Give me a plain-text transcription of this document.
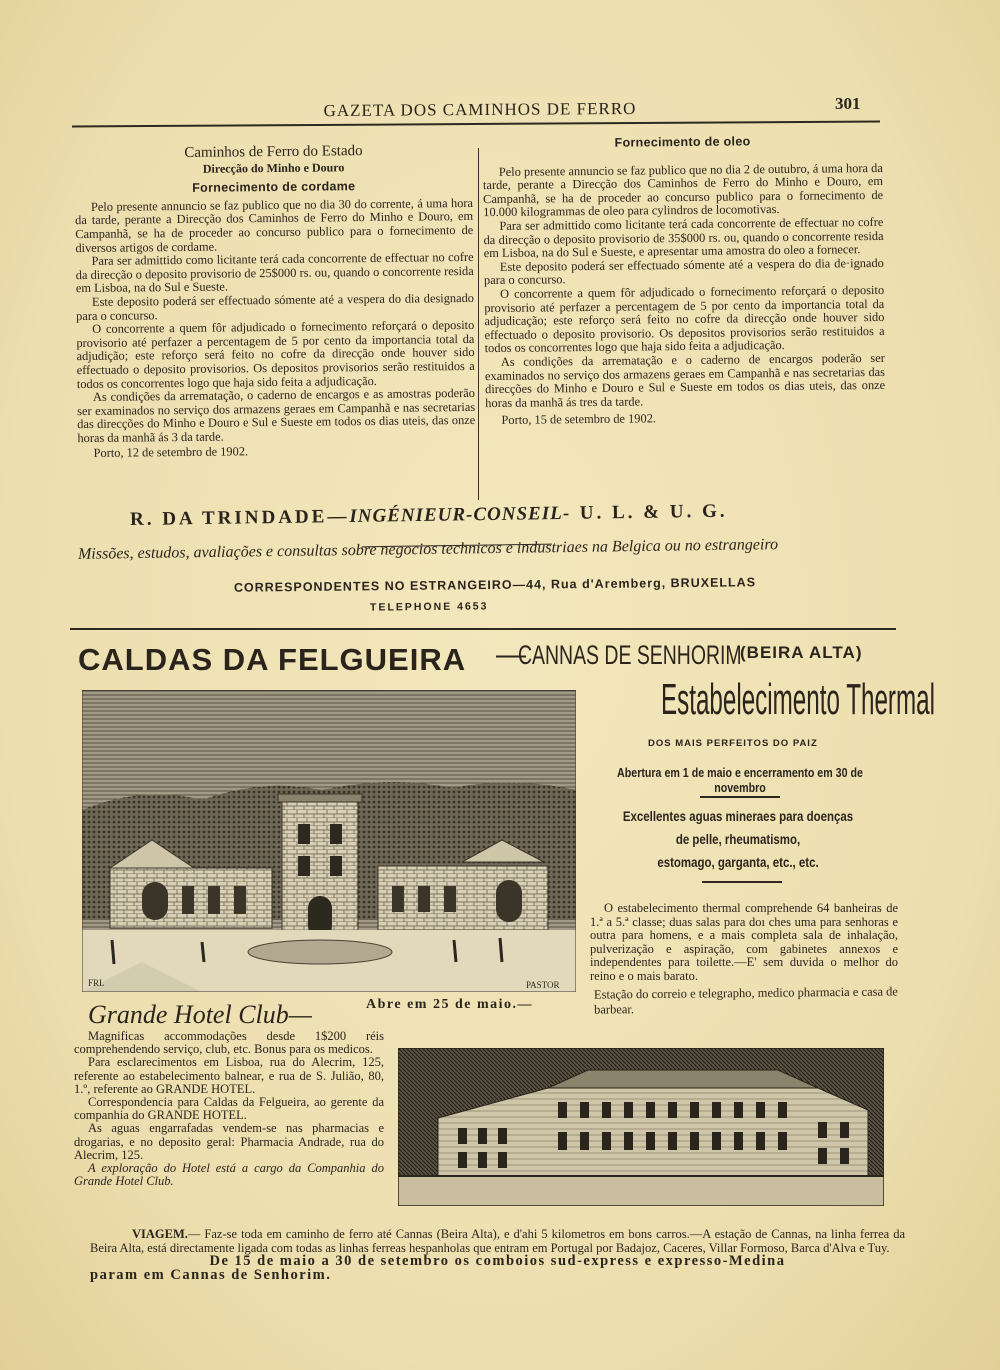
GAZETA DOS CAMINHOS DE FERRO	301
Caminhos de Ferro do Estado
Direcção do Minho e Douro
Fornecimento de cordame

Pelo presente annuncio se faz publico que no dia 30 do corrente, á uma hora da tarde, perante a Direcção dos Caminhos de Ferro do Minho e Douro, em Campanhã, se ha de proceder ao concurso publico para o fornecimento de diversos artigos de cordame.

Para ser admittido como licitante terá cada concorrente de effectuar no cofre da direcção o deposito provisorio de 25$000 rs. ou, quando o concorrente resida em Lisboa, na do Sul e Sueste.

Este deposito poderá ser effectuado sómente até a vespera do dia designado para o concurso.

O concorrente a quem fôr adjudicado o fornecimento reforçará o deposito provisorio até perfazer a percentagem de 5 por cento da importancia total da adjudição; este reforço será feito no cofre da direcção onde houver sido effectuado o deposito provisorios. Os depositos provisorios serão restituidos a todos os concorrentes logo que haja sido feita a adjudicação.

As condições da arrematação, o caderno de encargos e as amostras poderão ser examinados no serviço dos armazens geraes em Campanhã e nas secretarias das direcções do Minho e Douro e Sul e Sueste em todos os dias uteis, das onze horas da manhã ás 3 da tarde.

Porto, 12 de setembro de 1902.

Fornecimento de oleo

Pelo presente annuncio se faz publico que no dia 2 de outubro, á uma hora da tarde, perante a Direcção dos Caminhos de Ferro do Minho e Douro, em Campanhã, se ha de proceder ao concurso publico para o fornecimento de 10.000 kilogrammas de oleo para cylindros de locomotivas.

Para ser admittido como licitante terá cada concorrente de effectuar no cofre da direcção o deposito provisorio de 35$000 rs. ou, quando o concorrente resida em Lisboa, na do Sul e Sueste, e apresentar uma amostra do oleo a fornecer.

Este deposito poderá ser effectuado sómente até a vespera do dia de·ignado para o concurso.

O concorrente a quem fôr adjudicado o fornecimento reforçará o deposito provisorio até perfazer a percentagem de 5 por cento da importancia total da adjudicação; este reforço será feito no cofre da direcção onde houver sido effectuado o deposito provisorio. Os depositos provisorios serão restituidos a todos os concorrentes logo que haja sido feita a adjudicação.

As condições da arrematação e o caderno de encargos poderão ser examinados no serviço dos armazens geraes em Campanhã e nas secretarias das direcções do Minho e Douro e Sul e Sueste em todos os dias uteis, das onze horas da manhã ás tres da tarde.

Porto, 15 de setembro de 1902.

R. DA TRINDADE—INGÉNIEUR-CONSEIL- U. L. & U. G.
Missões, estudos, avaliações e consultas sobre negocios technicos e industriaes na Belgica ou no estrangeiro
CORRESPONDENTES NO ESTRANGEIRO—44, Rua d'Aremberg, BRUXELLAS
TELEPHONE 4653
CALDAS DA FELGUEIRA —
CANNAS DE SENHORIM
(BEIRA ALTA)
Estabelecimento Thermal
DOS MAIS PERFEITOS DO PAIZ
Abertura em 1 de maio e encerramento em 30 de novembro
Excellentes aguas mineraes para doenças
de pelle, rheumatismo,
estomago, garganta, etc., etc.

O estabelecimento thermal comprehende 64 banheiras de 1.ª a 5.ª classe; duas salas para doı ches uma para senhoras e outra para homens, e a mais completa sala de inhalação, pulverização e aspiração, com gabinetes annexos e independentes para toilette.—E' sem duvida o melhor do reino e o mais barato.

FRL	PASTOR
Grande Hotel Club—	Abre em 25 de maio.—
Estação do correio e telegrapho, medico pharmacia e casa de barbear.

Magnificas accommodações desde 1$200 réis comprehendendo serviço, club, etc. Bonus para os medicos.

Para esclarecimentos em Lisboa, rua do Alecrim, 125, referente ao estabelecimento balnear, e rua de S. Julião, 80, 1.º, referente ao GRANDE HOTEL.

Correspondencia para Caldas da Felgueira, ao gerente da companhia do GRANDE HOTEL.

As aguas engarrafadas vendem-se nas pharmacias e drogarias, e no deposito geral: Pharmacia Andrade, rua do Alecrim, 125.

A exploração do Hotel está a cargo da Companhia do Grande Hotel Club.

VIAGEM.— Faz-se toda em caminho de ferro até Cannas (Beira Alta), e d'ahi 5 kilometros em bons carros.—A estação de Cannas, na linha ferrea da Beira Alta, está directamente ligada com todas as linhas ferreas hespanholas que entram em Portugal por Badajoz, Caceres, Villar Formoso, Barca d'Alva e Tuy.

De 15 de maio a 30 de setembro os comboios sud-express e expresso-Medina
param em Cannas de Senhorim.
